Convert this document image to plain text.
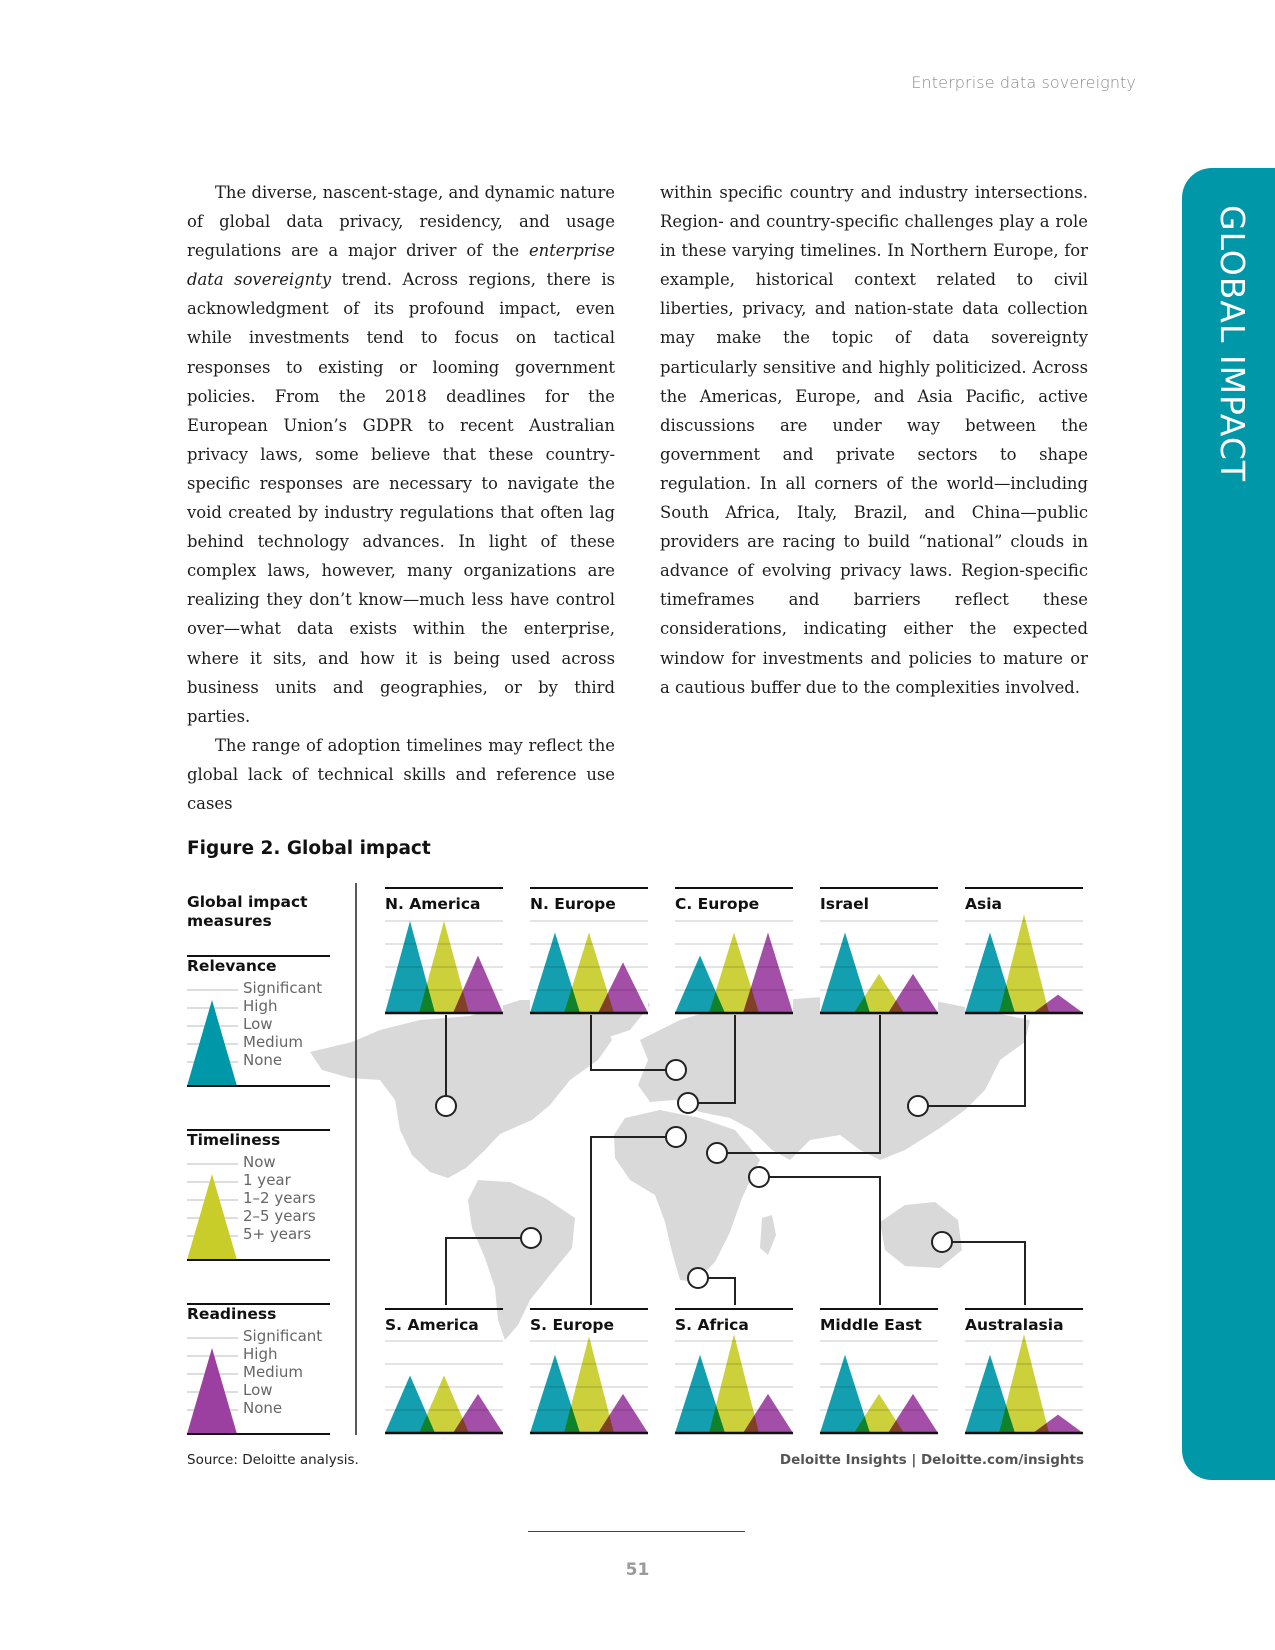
Enterprise data sovereignty
GLOBAL IMPACT

The diverse, nascent-stage, and dynamic nature of global data privacy, residency, and usage regulations are a major driver of the enterprise data sovereignty trend. Across regions, there is acknowledgment of its profound impact, even while investments tend to focus on tactical responses to existing or looming government policies. From the 2018 deadlines for the European Union’s GDPR to recent Australian privacy laws, some believe that these country-specific responses are necessary to navigate the void created by industry regulations that often lag behind technology advances. In light of these complex laws, however, many organizations are realizing they don’t know—much less have control over—what data exists within the enterprise, where it sits, and how it is being used across business units and geographies, or by third parties.

The range of adoption timelines may reflect the global lack of technical skills and reference use cases

within specific country and industry intersections. Region- and country-specific challenges play a role in these varying timelines. In Northern Europe, for example, historical context related to civil liberties, privacy, and nation-state data collection may make the topic of data sovereignty particularly sensitive and highly politicized. Across the Americas, Europe, and Asia Pacific, active discussions are under way between the government and private sectors to shape regulation. In all corners of the world—including South Africa, Italy, Brazil, and China—public providers are racing to build “national” clouds in advance of evolving privacy laws. Region-specific timeframes and barriers reflect these considerations, indicating either the expected window for investments and policies to mature or a cautious buffer due to the complexities involved.

Figure 2. Global impact
Global impact measures
Relevance
Significant
High
Low
Medium
None
Timeliness
Now
1 year
1–2 years
2–5 years
5+ years
Readiness
Significant
High
Medium
Low
None
N. America	N. Europe	C. Europe	Israel	Asia
S. America	S. Europe	S. Africa	Middle East	Australasia
Source: Deloitte analysis.	Deloitte Insights | Deloitte.com/insights
51
